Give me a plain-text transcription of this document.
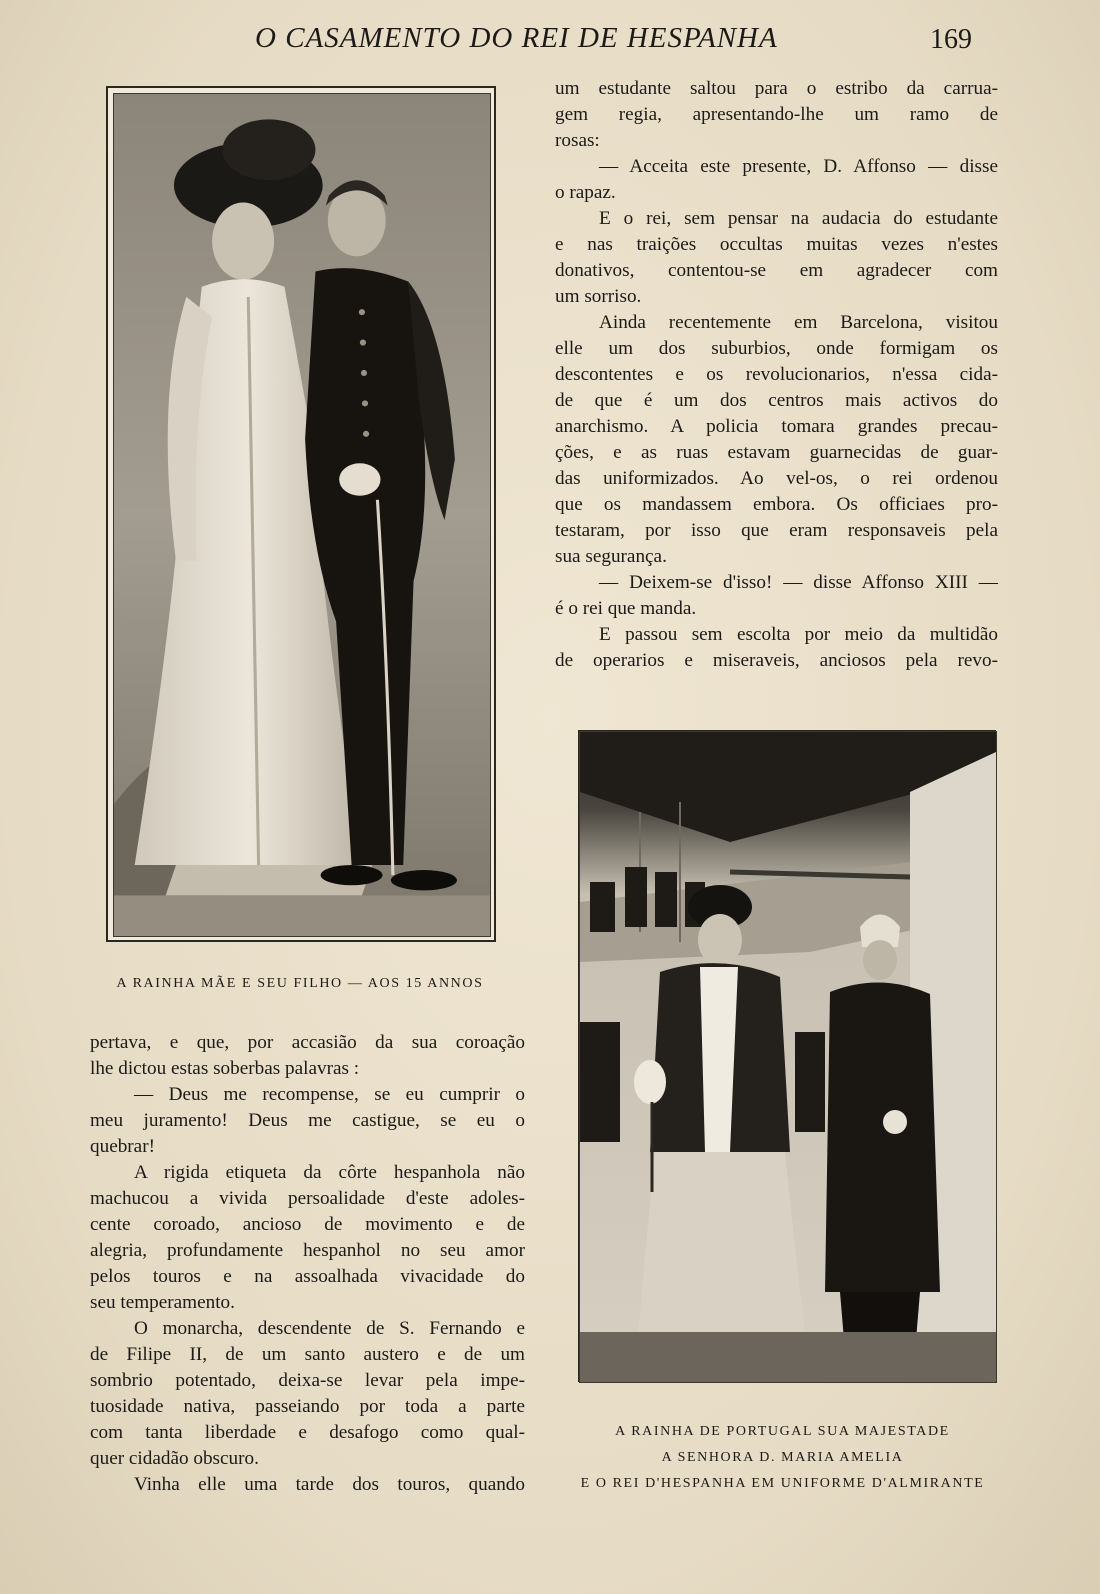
O CASAMENTO DO REI DE HESPANHA	169
A RAINHA MÃE E SEU FILHO — AOS 15 ANNOS
A RAINHA DE PORTUGAL SUA MAJESTADE
A SENHORA D. MARIA AMELIA
E O REI D'HESPANHA EM UNIFORME D'ALMIRANTE
um estudante saltou para o estribo da carrua-
gem regia, apresentando-lhe um ramo de
rosas:
— Acceita este presente, D. Affonso — disse
o rapaz.
E o rei, sem pensar na audacia do estudante
e nas traições occultas muitas vezes n'estes
donativos, contentou-se em agradecer com
um sorriso.
Ainda recentemente em Barcelona, visitou
elle um dos suburbios, onde formigam os
descontentes e os revolucionarios, n'essa cida-
de que é um dos centros mais activos do
anarchismo. A policia tomara grandes precau-
ções, e as ruas estavam guarnecidas de guar-
das uniformizados. Ao vel-os, o rei ordenou
que os mandassem embora. Os officiaes pro-
testaram, por isso que eram responsaveis pela
sua segurança.
— Deixem-se d'isso! — disse Affonso XIII —
é o rei que manda.
E passou sem escolta por meio da multidão
de operarios e miseraveis, anciosos pela revo-
pertava, e que, por accasião da sua coroação
lhe dictou estas soberbas palavras :
— Deus me recompense, se eu cumprir o
meu juramento! Deus me castigue, se eu o
quebrar!
A rigida etiqueta da côrte hespanhola não
machucou a vivida persoalidade d'este adoles-
cente coroado, ancioso de movimento e de
alegria, profundamente hespanhol no seu amor
pelos touros e na assoalhada vivacidade do
seu temperamento.
O monarcha, descendente de S. Fernando e
de Filipe II, de um santo austero e de um
sombrio potentado, deixa-se levar pela impe-
tuosidade nativa, passeiando por toda a parte
com tanta liberdade e desafogo como qual-
quer cidadão obscuro.
Vinha elle uma tarde dos touros, quando
